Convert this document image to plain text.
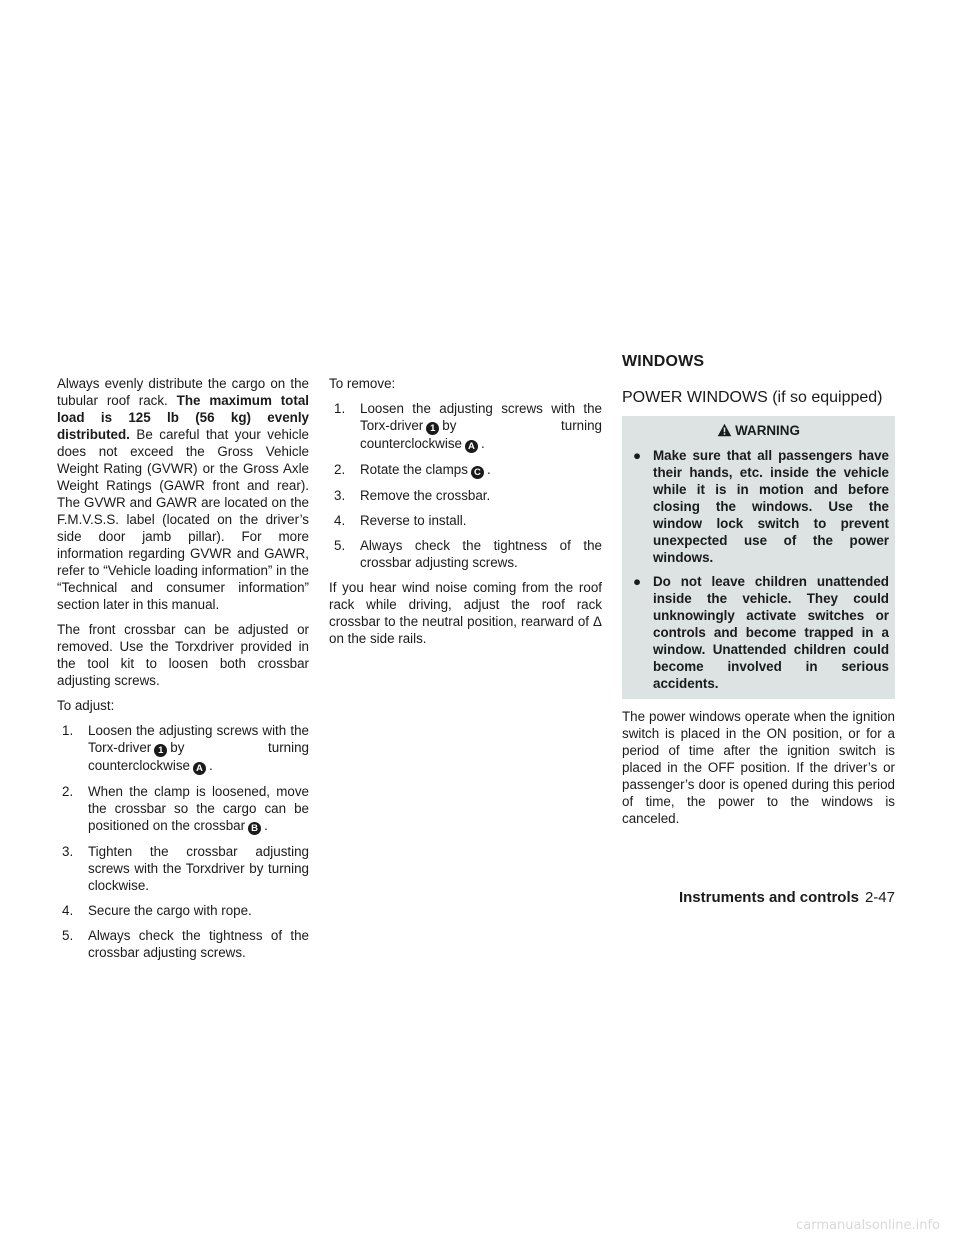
Always evenly distribute the cargo on the tubular roof rack. The maximum total load is 125 lb (56 kg) evenly distributed. Be careful that your vehicle does not exceed the Gross Vehicle Weight Rating (GVWR) or the Gross Axle Weight Ratings (GAWR front and rear). The GVWR and GAWR are located on the F.M.V.S.S. label (located on the driver’s side door jamb pillar). For more information regarding GVWR and GAWR, refer to “Vehicle loading information” in the “Technical and consumer information” section later in this manual.

The front crossbar can be adjusted or removed. Use the Torxdriver provided in the tool kit to loosen both crossbar adjusting screws.

To adjust:

1. Loosen the adjusting screws with the Torx-driver 1 by turning counterclockwise A .
2. When the clamp is loosened, move the crossbar so the cargo can be positioned on the crossbar B .
3. Tighten the crossbar adjusting screws with the Torxdriver by turning clockwise.
4. Secure the cargo with rope.
5. Always check the tightness of the crossbar adjusting screws.

To remove:

1. Loosen the adjusting screws with the Torx-driver 1 by turning counterclockwise A .
2. Rotate the clamps C .
3. Remove the crossbar.
4. Reverse to install.
5. Always check the tightness of the crossbar adjusting screws.

If you hear wind noise coming from the roof rack while driving, adjust the roof rack crossbar to the neutral position, rearward of Δ on the side rails.

WINDOWS
POWER WINDOWS (if so equipped)
WARNING
● Make sure that all passengers have their hands, etc. inside the vehicle while it is in motion and before closing the windows. Use the window lock switch to prevent unexpected use of the power windows.
● Do not leave children unattended inside the vehicle. They could unknowingly activate switches or controls and become trapped in a window. Unattended children could become involved in serious accidents.

The power windows operate when the ignition switch is placed in the ON position, or for a period of time after the ignition switch is placed in the OFF position. If the driver’s or passenger’s door is opened during this period of time, the power to the windows is canceled.

Instruments and controls 2-47
carmanualsonline.info
